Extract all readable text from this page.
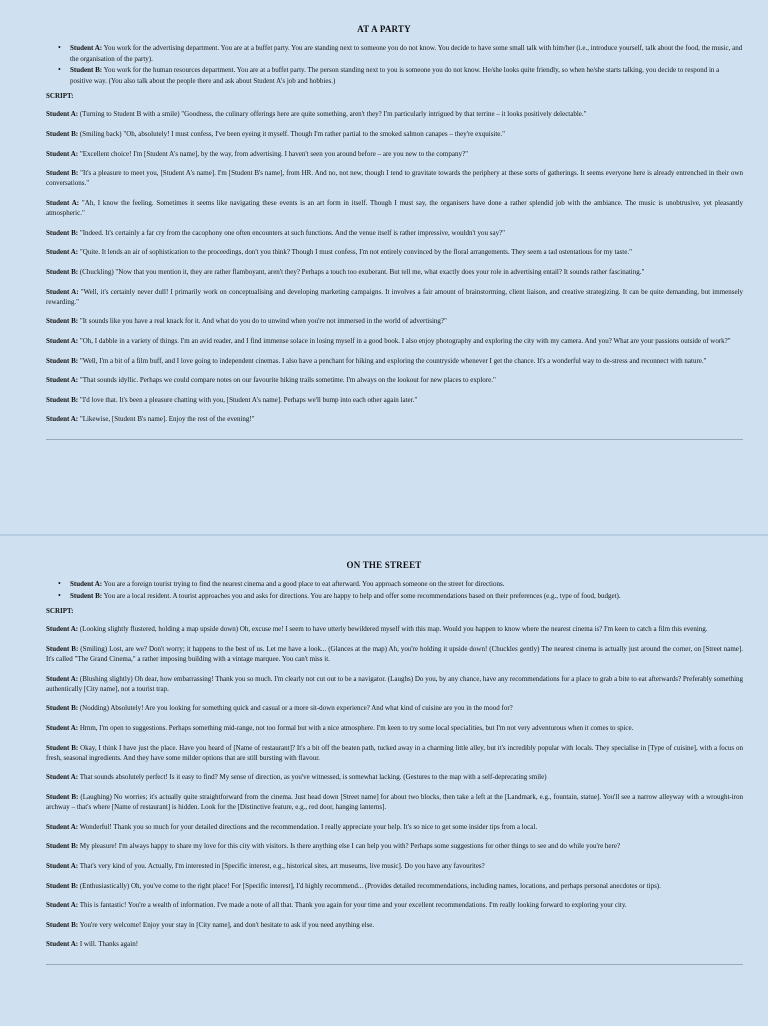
AT A PARTY
• Student A: You work for the advertising department. You are at a buffet party. You are standing next to someone you do not know. You decide to have some small talk with him/her (i.e., introduce yourself, talk about the food, the music, and the organisation of the party).
• Student B: You work for the human resources department. You are at a buffet party. The person standing next to you is someone you do not know. He/she looks quite friendly, so when he/she starts talking, you decide to respond in a positive way. (You also talk about the people there and ask about Student A's job and hobbies.)
SCRIPT:

Student A: (Turning to Student B with a smile) "Goodness, the culinary offerings here are quite something, aren't they? I'm particularly intrigued by that terrine – it looks positively delectable."

Student B: (Smiling back) "Oh, absolutely! I must confess, I've been eyeing it myself. Though I'm rather partial to the smoked salmon canapes – they're exquisite."

Student A: "Excellent choice! I'm [Student A's name], by the way, from advertising. I haven't seen you around before – are you new to the company?"

Student B: "It's a pleasure to meet you, [Student A's name]. I'm [Student B's name], from HR. And no, not new, though I tend to gravitate towards the periphery at these sorts of gatherings. It seems everyone here is already entrenched in their own conversations."

Student A: "Ah, I know the feeling. Sometimes it seems like navigating these events is an art form in itself. Though I must say, the organisers have done a rather splendid job with the ambiance. The music is unobtrusive, yet pleasantly atmospheric."

Student B: "Indeed. It's certainly a far cry from the cacophony one often encounters at such functions. And the venue itself is rather impressive, wouldn't you say?"

Student A: "Quite. It lends an air of sophistication to the proceedings, don't you think? Though I must confess, I'm not entirely convinced by the floral arrangements. They seem a tad ostentatious for my taste."

Student B: (Chuckling) "Now that you mention it, they are rather flamboyant, aren't they? Perhaps a touch too exuberant. But tell me, what exactly does your role in advertising entail? It sounds rather fascinating."

Student A: "Well, it's certainly never dull! I primarily work on conceptualising and developing marketing campaigns. It involves a fair amount of brainstorming, client liaison, and creative strategizing. It can be quite demanding, but immensely rewarding."

Student B: "It sounds like you have a real knack for it. And what do you do to unwind when you're not immersed in the world of advertising?"

Student A: "Oh, I dabble in a variety of things. I'm an avid reader, and I find immense solace in losing myself in a good book. I also enjoy photography and exploring the city with my camera. And you? What are your passions outside of work?"

Student B: "Well, I'm a bit of a film buff, and I love going to independent cinemas. I also have a penchant for hiking and exploring the countryside whenever I get the chance. It's a wonderful way to de-stress and reconnect with nature."

Student A: "That sounds idyllic. Perhaps we could compare notes on our favourite hiking trails sometime. I'm always on the lookout for new places to explore."

Student B: "I'd love that. It's been a pleasure chatting with you, [Student A's name]. Perhaps we'll bump into each other again later."

Student A: "Likewise, [Student B's name]. Enjoy the rest of the evening!"

ON THE STREET
• Student A: You are a foreign tourist trying to find the nearest cinema and a good place to eat afterward. You approach someone on the street for directions.
• Student B: You are a local resident. A tourist approaches you and asks for directions. You are happy to help and offer some recommendations based on their preferences (e.g., type of food, budget).
SCRIPT:

Student A: (Looking slightly flustered, holding a map upside down) Oh, excuse me! I seem to have utterly bewildered myself with this map. Would you happen to know where the nearest cinema is? I'm keen to catch a film this evening.

Student B: (Smiling) Lost, are we? Don't worry; it happens to the best of us. Let me have a look... (Glances at the map) Ah, you're holding it upside down! (Chuckles gently) The nearest cinema is actually just around the corner, on [Street name]. It's called "The Grand Cinema," a rather imposing building with a vintage marquee. You can't miss it.

Student A: (Blushing slightly) Oh dear, how embarrassing! Thank you so much. I'm clearly not cut out to be a navigator. (Laughs) Do you, by any chance, have any recommendations for a place to grab a bite to eat afterwards? Preferably something authentically [City name], not a tourist trap.

Student B: (Nodding) Absolutely! Are you looking for something quick and casual or a more sit-down experience? And what kind of cuisine are you in the mood for?

Student A: Hmm, I'm open to suggestions. Perhaps something mid-range, not too formal but with a nice atmosphere. I'm keen to try some local specialities, but I'm not very adventurous when it comes to spice.

Student B: Okay, I think I have just the place. Have you heard of [Name of restaurant]? It's a bit off the beaten path, tucked away in a charming little alley, but it's incredibly popular with locals. They specialise in [Type of cuisine], with a focus on fresh, seasonal ingredients. And they have some milder options that are still bursting with flavour.

Student A: That sounds absolutely perfect! Is it easy to find? My sense of direction, as you've witnessed, is somewhat lacking. (Gestures to the map with a self-deprecating smile)

Student B: (Laughing) No worries; it's actually quite straightforward from the cinema. Just head down [Street name] for about two blocks, then take a left at the [Landmark, e.g., fountain, statue]. You'll see a narrow alleyway with a wrought-iron archway – that's where [Name of restaurant] is hidden. Look for the [Distinctive feature, e.g., red door, hanging lanterns].

Student A: Wonderful! Thank you so much for your detailed directions and the recommendation. I really appreciate your help. It's so nice to get some insider tips from a local.

Student B: My pleasure! I'm always happy to share my love for this city with visitors. Is there anything else I can help you with? Perhaps some suggestions for other things to see and do while you're here?

Student A: That's very kind of you. Actually, I'm interested in [Specific interest, e.g., historical sites, art museums, live music]. Do you have any favourites?

Student B: (Enthusiastically) Oh, you've come to the right place! For [Specific interest], I'd highly recommend... (Provides detailed recommendations, including names, locations, and perhaps personal anecdotes or tips).

Student A: This is fantastic! You're a wealth of information. I've made a note of all that. Thank you again for your time and your excellent recommendations. I'm really looking forward to exploring your city.

Student B: You're very welcome! Enjoy your stay in [City name], and don't hesitate to ask if you need anything else.

Student A: I will. Thanks again!
